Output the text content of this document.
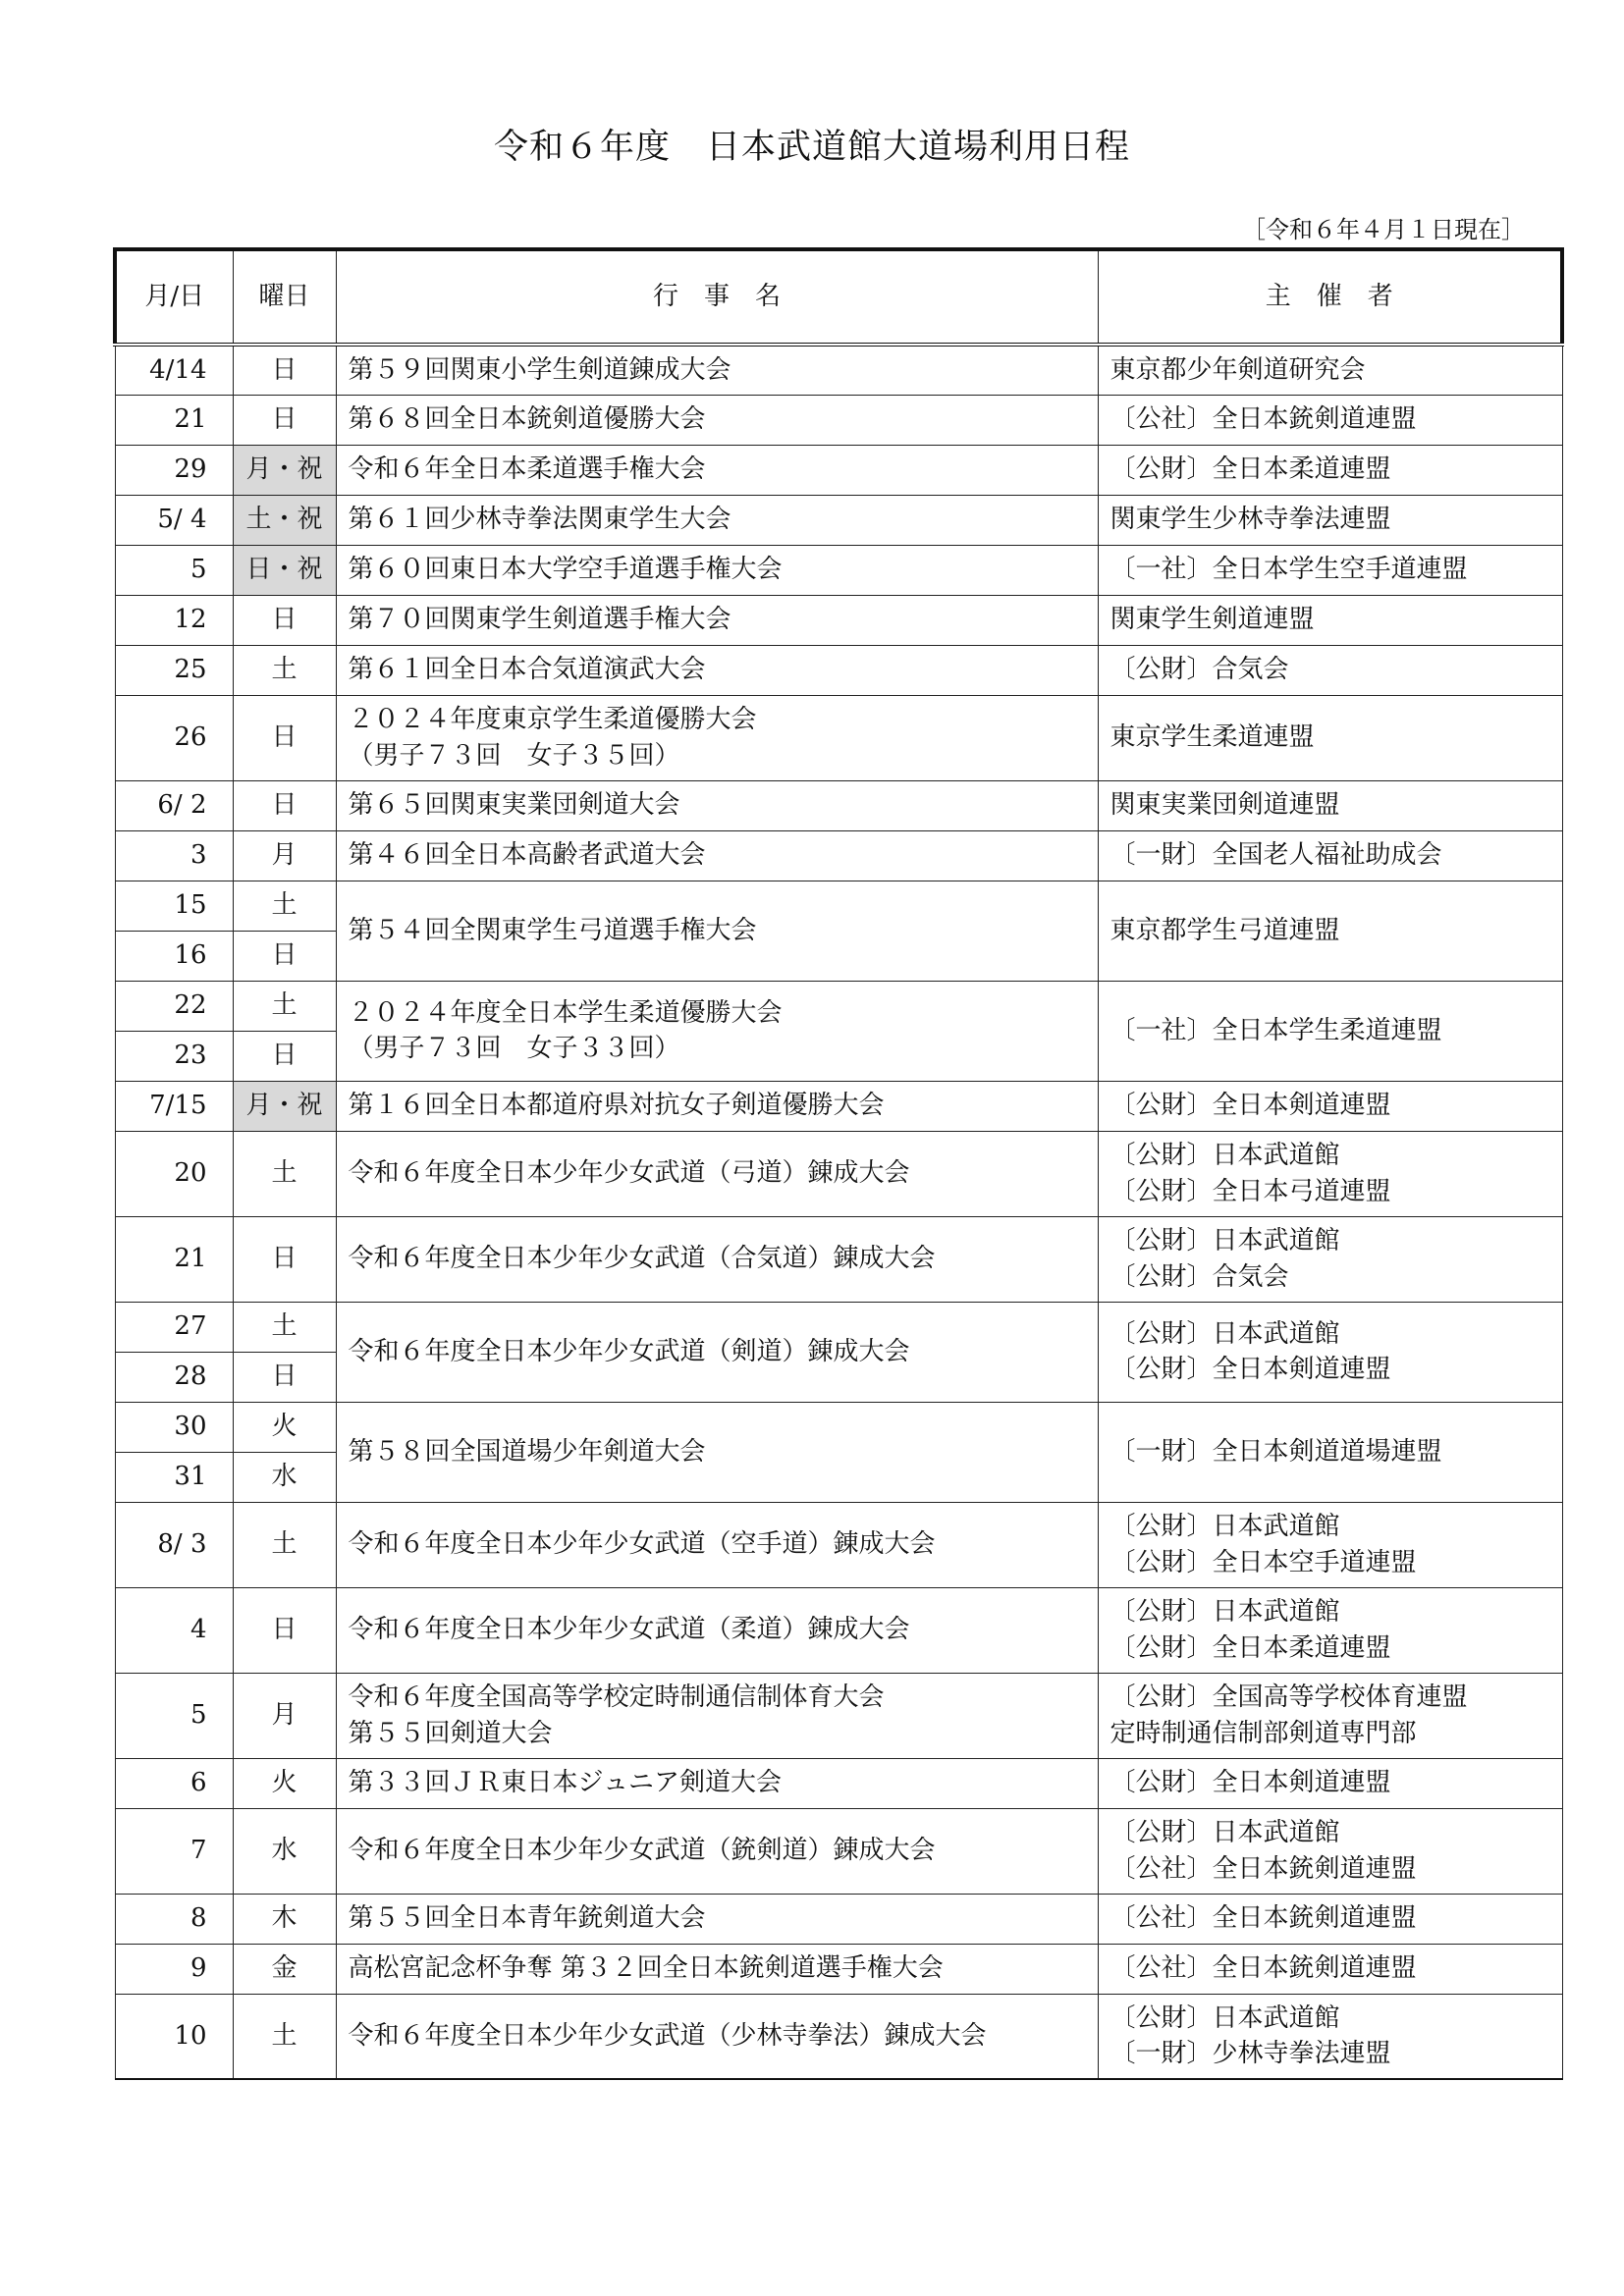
令和６年度　日本武道館大道場利用日程
［令和６年４月１日現在］
月/日	曜日	行　事　名	主　催　者
4/14	日	第５９回関東小学生剣道錬成大会	東京都少年剣道研究会
21	日	第６８回全日本銃剣道優勝大会	〔公社〕全日本銃剣道連盟
29	月・祝	令和６年全日本柔道選手権大会	〔公財〕全日本柔道連盟
5/ 4	土・祝	第６１回少林寺拳法関東学生大会	関東学生少林寺拳法連盟
5	日・祝	第６０回東日本大学空手道選手権大会	〔一社〕全日本学生空手道連盟
12	日	第７０回関東学生剣道選手権大会	関東学生剣道連盟
25	土	第６１回全日本合気道演武大会	〔公財〕合気会
26	日	２０２４年度東京学生柔道優勝大会
（男子７３回　女子３５回）	東京学生柔道連盟
6/ 2	日	第６５回関東実業団剣道大会	関東実業団剣道連盟
3	月	第４６回全日本高齢者武道大会	〔一財〕全国老人福祉助成会
15	土	第５４回全関東学生弓道選手権大会	東京都学生弓道連盟
16	日		
22	土	２０２４年度全日本学生柔道優勝大会
（男子７３回　女子３３回）	〔一社〕全日本学生柔道連盟
23	日		
7/15	月・祝	第１６回全日本都道府県対抗女子剣道優勝大会	〔公財〕全日本剣道連盟
20	土	令和６年度全日本少年少女武道（弓道）錬成大会	〔公財〕日本武道館
〔公財〕全日本弓道連盟
21	日	令和６年度全日本少年少女武道（合気道）錬成大会	〔公財〕日本武道館
〔公財〕合気会
27	土	令和６年度全日本少年少女武道（剣道）錬成大会	〔公財〕日本武道館
〔公財〕全日本剣道連盟
28	日		
30	火	第５８回全国道場少年剣道大会	〔一財〕全日本剣道道場連盟
31	水		
8/ 3	土	令和６年度全日本少年少女武道（空手道）錬成大会	〔公財〕日本武道館
〔公財〕全日本空手道連盟
4	日	令和６年度全日本少年少女武道（柔道）錬成大会	〔公財〕日本武道館
〔公財〕全日本柔道連盟
5	月	令和６年度全国高等学校定時制通信制体育大会
第５５回剣道大会	〔公財〕全国高等学校体育連盟
定時制通信制部剣道専門部
6	火	第３３回ＪＲ東日本ジュニア剣道大会	〔公財〕全日本剣道連盟
7	水	令和６年度全日本少年少女武道（銃剣道）錬成大会	〔公財〕日本武道館
〔公社〕全日本銃剣道連盟
8	木	第５５回全日本青年銃剣道大会	〔公社〕全日本銃剣道連盟
9	金	高松宮記念杯争奪 第３２回全日本銃剣道選手権大会	〔公社〕全日本銃剣道連盟
10	土	令和６年度全日本少年少女武道（少林寺拳法）錬成大会	〔公財〕日本武道館
〔一財〕少林寺拳法連盟
